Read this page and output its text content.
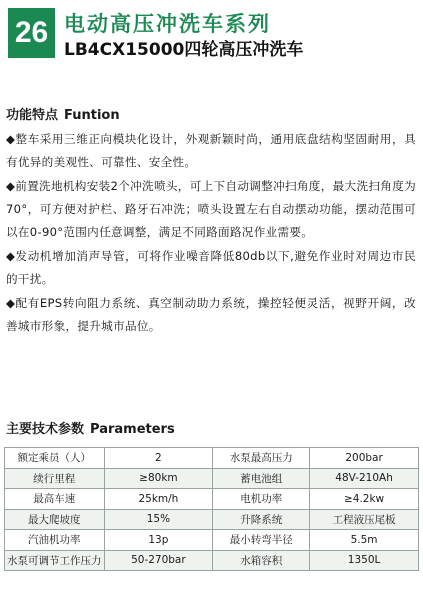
26 电动高压冲洗车系列
LB4CX15000四轮高压冲洗车
功能特点 Funtion

◆整车采用三维正向模块化设计，外观新颖时尚，通用底盘结构坚固耐用，具有优异的美观性、可靠性、安全性。

◆前置洗地机构安装2个冲洗喷头，可上下自动调整冲扫角度，最大洗扫角度为70°，可方便对护栏、路牙石冲洗；喷头设置左右自动摆动功能，摆动范围可以在0-90°范围内任意调整，满足不同路面路况作业需要。

◆发动机增加消声导管，可将作业噪音降低80db以下,避免作业时对周边市民的干扰。

◆配有EPS转向阻力系统、真空制动助力系统，操控轻便灵活，视野开阔，改善城市形象，提升城市品位。

主要技术参数 Parameters
额定乘员（人）	2	水泵最高压力	200bar
续行里程	≥80km	蓄电池组	48V-210Ah
最高车速	25km/h	电机功率	≥4.2kw
最大爬坡度	15%	升降系统	工程液压尾板
汽油机功率	13p	最小转弯半径	5.5m
水泵可调节工作压力	50-270bar	水箱容积	1350L
